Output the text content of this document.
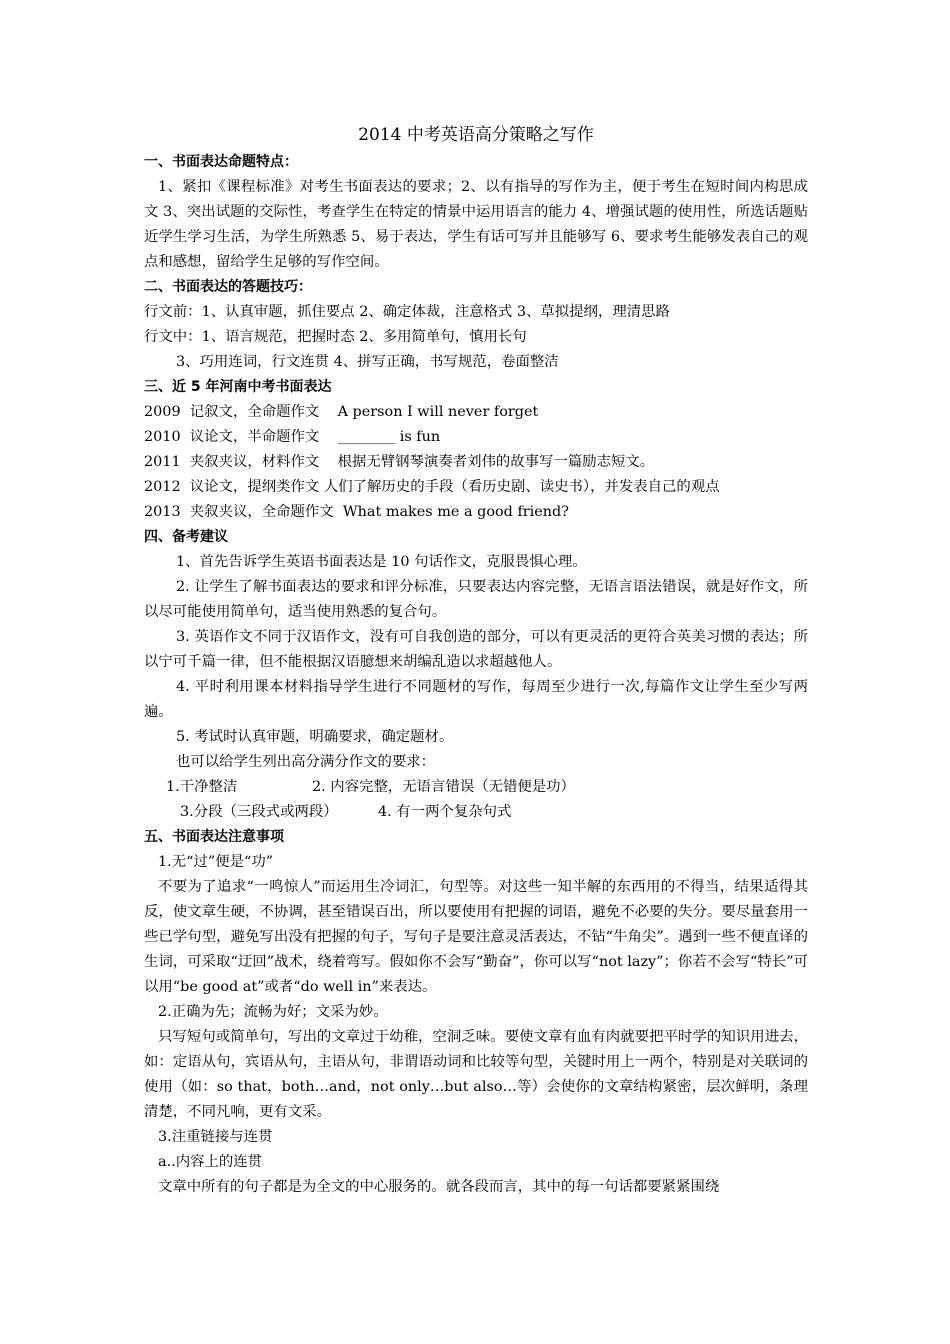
2014 中考英语高分策略之写作
一、书面表达命题特点：
1、紧扣《课程标准》对考生书面表达的要求；2、以有指导的写作为主，便于考生在短时间内构思成文 3、突出试题的交际性，考查学生在特定的情景中运用语言的能力 4、增强试题的使用性，所选话题贴近学生学习生活，为学生所熟悉 5、易于表达，学生有话可写并且能够写 6、要求考生能够发表自己的观点和感想，留给学生足够的写作空间。
二、书面表达的答题技巧：
行文前：1、认真审题，抓住要点 2、确定体裁，注意格式 3、草拟提纲，理清思路
行文中：1、语言规范，把握时态 2、多用简单句，慎用长句
3、巧用连词，行文连贯 4、拼写正确，书写规范，卷面整洁
三、近 5 年河南中考书面表达
2009  记叙文，全命题作文    A person I will never forget
2010  议论文，半命题作文    ________ is fun
2011  夹叙夹议，材料作文    根据无臂钢琴演奏者刘伟的故事写一篇励志短文。
2012  议论文，提纲类作文 人们了解历史的手段（看历史剧、读史书），并发表自己的观点
2013  夹叙夹议，全命题作文  What makes me a good friend?
四、备考建议
1、首先告诉学生英语书面表达是 10 句话作文，克服畏惧心理。
2. 让学生了解书面表达的要求和评分标准，只要表达内容完整，无语言语法错误，就是好作文，所以尽可能使用简单句，适当使用熟悉的复合句。
3. 英语作文不同于汉语作文，没有可自我创造的部分，可以有更灵活的更符合英美习惯的表达；所以宁可千篇一律，但不能根据汉语臆想来胡编乱造以求超越他人。
4. 平时利用课本材料指导学生进行不同题材的写作，每周至少进行一次,每篇作文让学生至少写两遍。
5. 考试时认真审题，明确要求，确定题材。
也可以给学生列出高分满分作文的要求：
1.干净整洁	2. 内容完整，无语言错误（无错便是功）
3.分段（三段式或两段）	4. 有一两个复杂句式
五、书面表达注意事项
1.无“过”便是“功”
不要为了追求“一鸣惊人”而运用生冷词汇，句型等。对这些一知半解的东西用的不得当，结果适得其反，使文章生硬，不协调，甚至错误百出，所以要使用有把握的词语，避免不必要的失分。要尽量套用一些已学句型，避免写出没有把握的句子，写句子是要注意灵活表达，不钻“牛角尖”。遇到一些不便直译的生词，可采取“迂回”战术，绕着弯写。假如你不会写“勤奋”，你可以写“not lazy”；你若不会写“特长”可以用“be good at”或者“do well in”来表达。
2.正确为先；流畅为好；文采为妙。
只写短句或简单句，写出的文章过于幼稚，空洞乏味。要使文章有血有肉就要把平时学的知识用进去，如：定语从句，宾语从句，主语从句，非谓语动词和比较等句型，关键时用上一两个，特别是对关联词的使用（如：so that，both…and，not only…but also…等）会使你的文章结构紧密，层次鲜明，条理清楚，不同凡响，更有文采。
3.注重链接与连贯
a..内容上的连贯
文章中所有的句子都是为全文的中心服务的。就各段而言，其中的每一句话都要紧紧围绕
